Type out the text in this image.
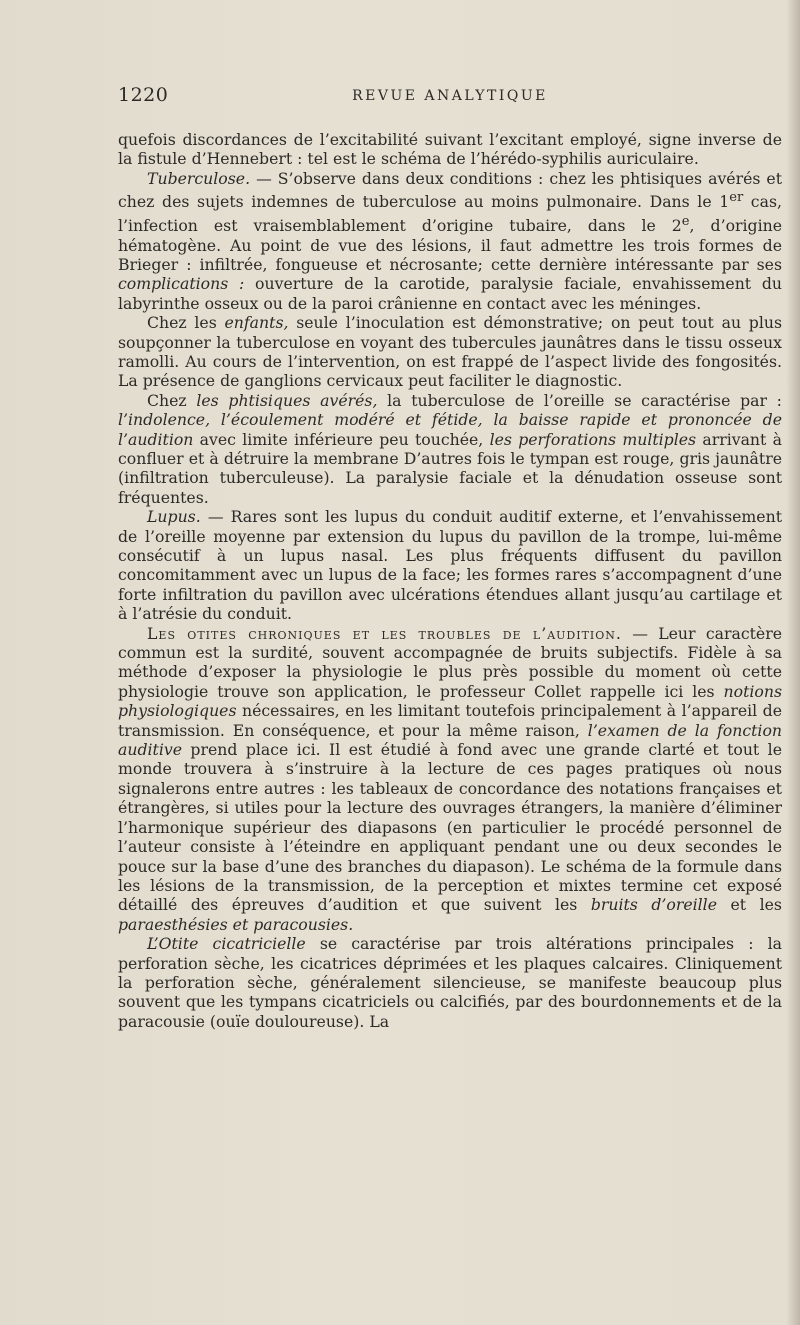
1220	REVUE ANALYTIQUE

quefois discordances de l’excitabilité suivant l’excitant employé, signe inverse de la fistule d’Hennebert : tel est le schéma de l’hérédo-syphilis auriculaire.

Tuberculose. — S’observe dans deux conditions : chez les phtisiques avérés et chez des sujets indemnes de tuberculose au moins pulmonaire. Dans le 1er cas, l’infection est vraisemblablement d’origine tubaire, dans le 2e, d’origine hématogène. Au point de vue des lésions, il faut admettre les trois formes de Brieger : infiltrée, fongueuse et nécrosante; cette dernière intéressante par ses complications : ouverture de la carotide, paralysie faciale, envahissement du labyrinthe osseux ou de la paroi crânienne en contact avec les méninges.

Chez les enfants, seule l’inoculation est démonstrative; on peut tout au plus soupçonner la tuberculose en voyant des tubercules jaunâtres dans le tissu osseux ramolli. Au cours de l’intervention, on est frappé de l’aspect livide des fongosités. La présence de ganglions cervicaux peut faciliter le diagnostic.

Chez les phtisiques avérés, la tuberculose de l’oreille se caractérise par : l’indolence, l’écoulement modéré et fétide, la baisse rapide et prononcée de l’audition avec limite inférieure peu touchée, les perforations multiples arrivant à confluer et à détruire la membrane D’autres fois le tympan est rouge, gris jaunâtre (infiltration tuberculeuse). La paralysie faciale et la dénudation osseuse sont fréquentes.

Lupus. — Rares sont les lupus du conduit auditif externe, et l’envahissement de l’oreille moyenne par extension du lupus du pavillon de la trompe, lui-même consécutif à un lupus nasal. Les plus fréquents diffusent du pavillon concomitamment avec un lupus de la face; les formes rares s’accompagnent d’une forte infiltration du pavillon avec ulcérations étendues allant jusqu’au cartilage et à l’atrésie du conduit.

Les otites chroniques et les troubles de l’audition. — Leur caractère commun est la surdité, souvent accompagnée de bruits subjectifs. Fidèle à sa méthode d’exposer la physiologie le plus près possible du moment où cette physiologie trouve son application, le professeur Collet rappelle ici les notions physiologiques nécessaires, en les limitant toutefois principalement à l’appareil de transmission. En conséquence, et pour la même raison, l’examen de la fonction auditive prend place ici. Il est étudié à fond avec une grande clarté et tout le monde trouvera à s’instruire à la lecture de ces pages pratiques où nous signalerons entre autres : les tableaux de concordance des notations françaises et étrangères, si utiles pour la lecture des ouvrages étrangers, la manière d’éliminer l’harmonique supérieur des diapasons (en particulier le procédé personnel de l’auteur consiste à l’éteindre en appliquant pendant une ou deux secondes le pouce sur la base d’une des branches du diapason). Le schéma de la formule dans les lésions de la transmission, de la perception et mixtes termine cet exposé détaillé des épreuves d’audition et que suivent les bruits d’oreille et les paraesthésies et paracousies.

L’Otite cicatricielle se caractérise par trois altérations principales : la perforation sèche, les cicatrices déprimées et les plaques calcaires. Cliniquement la perforation sèche, généralement silencieuse, se manifeste beaucoup plus souvent que les tympans cicatriciels ou calcifiés, par des bourdonnements et de la paracousie (ouïe douloureuse). La
